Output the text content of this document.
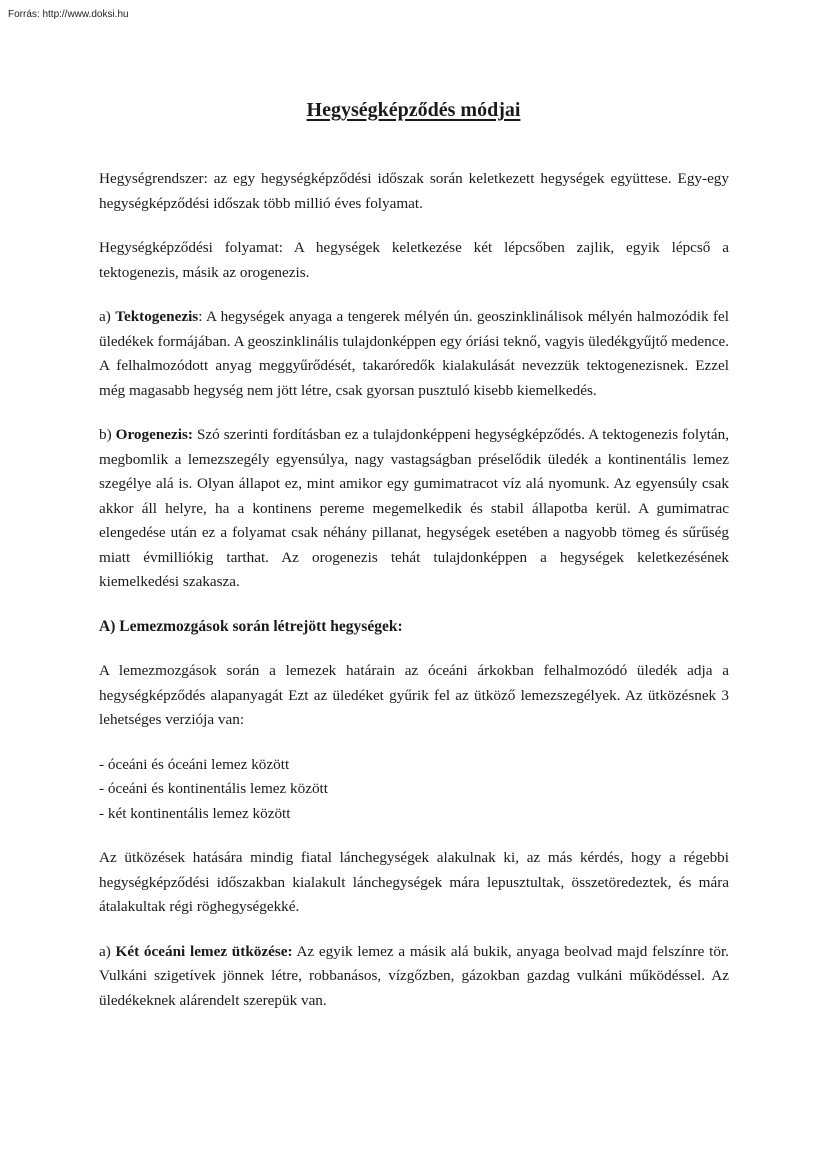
Forrás: http://www.doksi.hu
Hegységképződés módjai

Hegységrendszer: az egy hegységképződési időszak során keletkezett hegységek együttese. Egy-egy hegységképződési időszak több millió éves folyamat.

Hegységképződési folyamat: A hegységek keletkezése két lépcsőben zajlik, egyik lépcső a tektogenezis, másik az orogenezis.

a) Tektogenezis: A hegységek anyaga a tengerek mélyén ún. geoszinklinálisok mélyén halmozódik fel üledékek formájában. A geoszinklinális tulajdonképpen egy óriási teknő, vagyis üledékgyűjtő medence. A felhalmozódott anyag meggyűrődését, takaróredők kialakulását nevezzük tektogenezisnek. Ezzel még magasabb hegység nem jött létre, csak gyorsan pusztuló kisebb kiemelkedés.

b) Orogenezis: Szó szerinti fordításban ez a tulajdonképpeni hegységképződés. A tektogenezis folytán, megbomlik a lemezszegély egyensúlya, nagy vastagságban préselődik üledék a kontinentális lemez szegélye alá is. Olyan állapot ez, mint amikor egy gumimatracot víz alá nyomunk. Az egyensúly csak akkor áll helyre, ha a kontinens pereme megemelkedik és stabil állapotba kerül. A gumimatrac elengedése után ez a folyamat csak néhány pillanat, hegységek esetében a nagyobb tömeg és sűrűség miatt évmilliókig tarthat. Az orogenezis tehát tulajdonképpen a hegységek keletkezésének kiemelkedési szakasza.

A) Lemezmozgások során létrejött hegységek:

A lemezmozgások során a lemezek határain az óceáni árkokban felhalmozódó üledék adja a hegységképződés alapanyagát Ezt az üledéket gyűrik fel az ütköző lemezszegélyek. Az ütközésnek 3 lehetséges verziója van:

- óceáni és óceáni lemez között

- óceáni és kontinentális lemez között

- két kontinentális lemez között

Az ütközések hatására mindig fiatal lánchegységek alakulnak ki, az más kérdés, hogy a régebbi hegységképződési időszakban kialakult lánchegységek mára lepusztultak, összetöredeztek, és mára átalakultak régi röghegységekké.

a) Két óceáni lemez ütközése: Az egyik lemez a másik alá bukik, anyaga beolvad majd felszínre tör. Vulkáni szigetívek jönnek létre, robbanásos, vízgőzben, gázokban gazdag vulkáni működéssel. Az üledékeknek alárendelt szerepük van.
